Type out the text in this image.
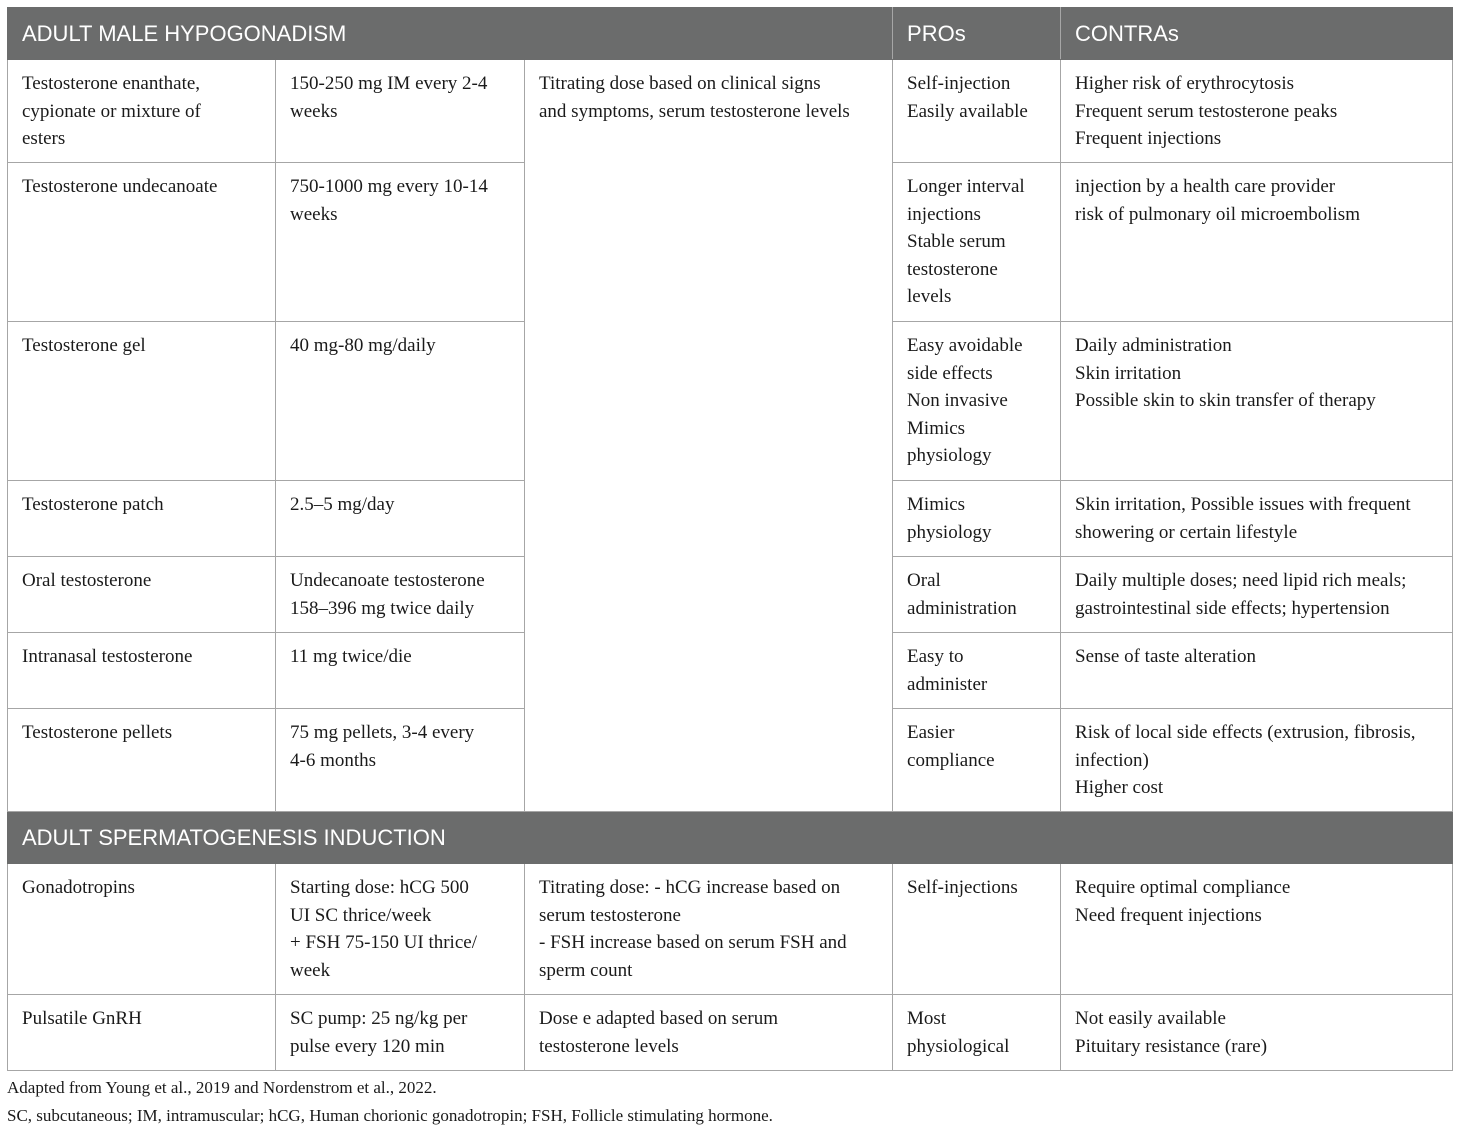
ADULT MALE HYPOGONADISM			PROs	CONTRAs

Testosterone enanthate,
cypionate or mixture of
esters	150-250 mg IM every 2-4
weeks	Titrating dose based on clinical signs
and symptoms, serum testosterone levels	Self-injection
Easily available	Higher risk of erythrocytosis
Frequent serum testosterone peaks
Frequent injections

Testosterone undecanoate	750-1000 mg every 10-14
weeks		Longer interval
injections
Stable serum
testosterone
levels	injection by a health care provider
risk of pulmonary oil microembolism

Testosterone gel	40 mg-80 mg/daily		Easy avoidable
side effects
Non invasive
Mimics
physiology	Daily administration
Skin irritation
Possible skin to skin transfer of therapy

Testosterone patch	2.5–5 mg/day		Mimics
physiology	Skin irritation, Possible issues with frequent
showering or certain lifestyle

Oral testosterone	Undecanoate testosterone
158–396 mg twice daily		Oral
administration	Daily multiple doses; need lipid rich meals;
gastrointestinal side effects; hypertension

Intranasal testosterone	11 mg twice/die		Easy to
administer	Sense of taste alteration

Testosterone pellets	75 mg pellets, 3-4 every
4-6 months		Easier
compliance	Risk of local side effects (extrusion, fibrosis,
infection)
Higher cost

ADULT SPERMATOGENESIS INDUCTION				

Gonadotropins	Starting dose: hCG 500
UI SC thrice/week
+ FSH 75-150 UI thrice/
week	Titrating dose: - hCG increase based on
serum testosterone
- FSH increase based on serum FSH and
sperm count	Self-injections	Require optimal compliance
Need frequent injections

Pulsatile GnRH	SC pump: 25 ng/kg per
pulse every 120 min	Dose e adapted based on serum
testosterone levels	Most
physiological	Not easily available
Pituitary resistance (rare)
Adapted from Young et al., 2019 and Nordenstrom et al., 2022.
SC, subcutaneous; IM, intramuscular; hCG, Human chorionic gonadotropin; FSH, Follicle stimulating hormone.
